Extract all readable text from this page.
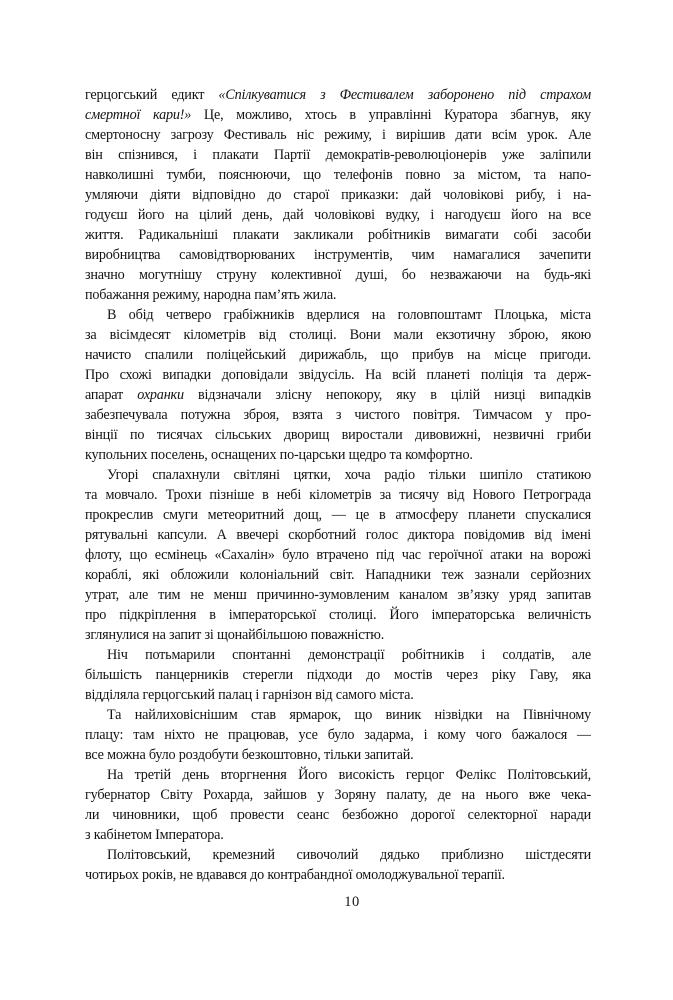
герцогський едикт «Спілкуватися з Фестивалем заборонено під страхом
смертної кари!» Це, можливо, хтось в управлінні Куратора збагнув, яку
смертоносну загрозу Фестиваль ніс режиму, і вирішив дати всім урок. Але
він спізнився, і плакати Партії демократів-революціонерів уже заліпили
навколишні тумби, пояснюючи, що телефонів повно за містом, та напо-
умляючи діяти відповідно до старої приказки: дай чоловікові рибу, і на-
годуєш його на цілий день, дай чоловікові вудку, і нагодуєш його на все
життя. Радикальніші плакати закликали робітників вимагати собі засоби
виробництва самовідтворюваних інструментів, чим намагалися зачепити
значно могутнішу струну колективної душі, бо незважаючи на будь-які
побажання режиму, народна пам’ять жила.
В обід четверо грабіжників вдерлися на головпоштамт Плоцька, міста
за вісімдесят кілометрів від столиці. Вони мали екзотичну зброю, якою
начисто спалили поліцейський дирижабль, що прибув на місце пригоди.
Про схожі випадки доповідали звідусіль. На всій планеті поліція та держ-
апарат охранки відзначали злісну непокору, яку в цілій низці випадків
забезпечувала потужна зброя, взята з чистого повітря. Тимчасом у про-
вінції по тисячах сільських дворищ виростали дивовижні, незвичні гриби
купольних поселень, оснащених по-царськи щедро та комфортно.
Угорі спалахнули світляні цятки, хоча радіо тільки шипіло статикою
та мовчало. Трохи пізніше в небі кілометрів за тисячу від Нового Петрограда
прокреслив смуги метеоритний дощ, — це в атмосферу планети спускалися
рятувальні капсули. А ввечері скорботний голос диктора повідомив від імені
флоту, що есмінець «Сахалін» було втрачено під час героїчної атаки на ворожі
кораблі, які обложили колоніальний світ. Нападники теж зазнали серйозних
утрат, але тим не менш причинно-зумовленим каналом зв’язку уряд запитав
про підкріплення в імператорської столиці. Його імператорська величність
зглянулися на запит зі щонайбільшою поважністю.
Ніч потьмарили спонтанні демонстрації робітників і солдатів, але
більшість панцерників стерегли підходи до мостів через ріку Гаву, яка
відділяла герцогський палац і гарнізон від самого міста.
Та найлиховіснішим став ярмарок, що виник нізвідки на Північному
плацу: там ніхто не працював, усе було задарма, і кому чого бажалося —
все можна було роздобути безкоштовно, тільки запитай.
На третій день вторгнення Його високість герцог Фелікс Політовський,
губернатор Світу Рохарда, зайшов у Зоряну палату, де на нього вже чека-
ли чиновники, щоб провести сеанс безбожно дорогої селекторної наради
з кабінетом Імператора.
Політовський, кремезний сивочолий дядько приблизно шістдесяти
чотирьох років, не вдавався до контрабандної омолоджувальної терапії.
10
